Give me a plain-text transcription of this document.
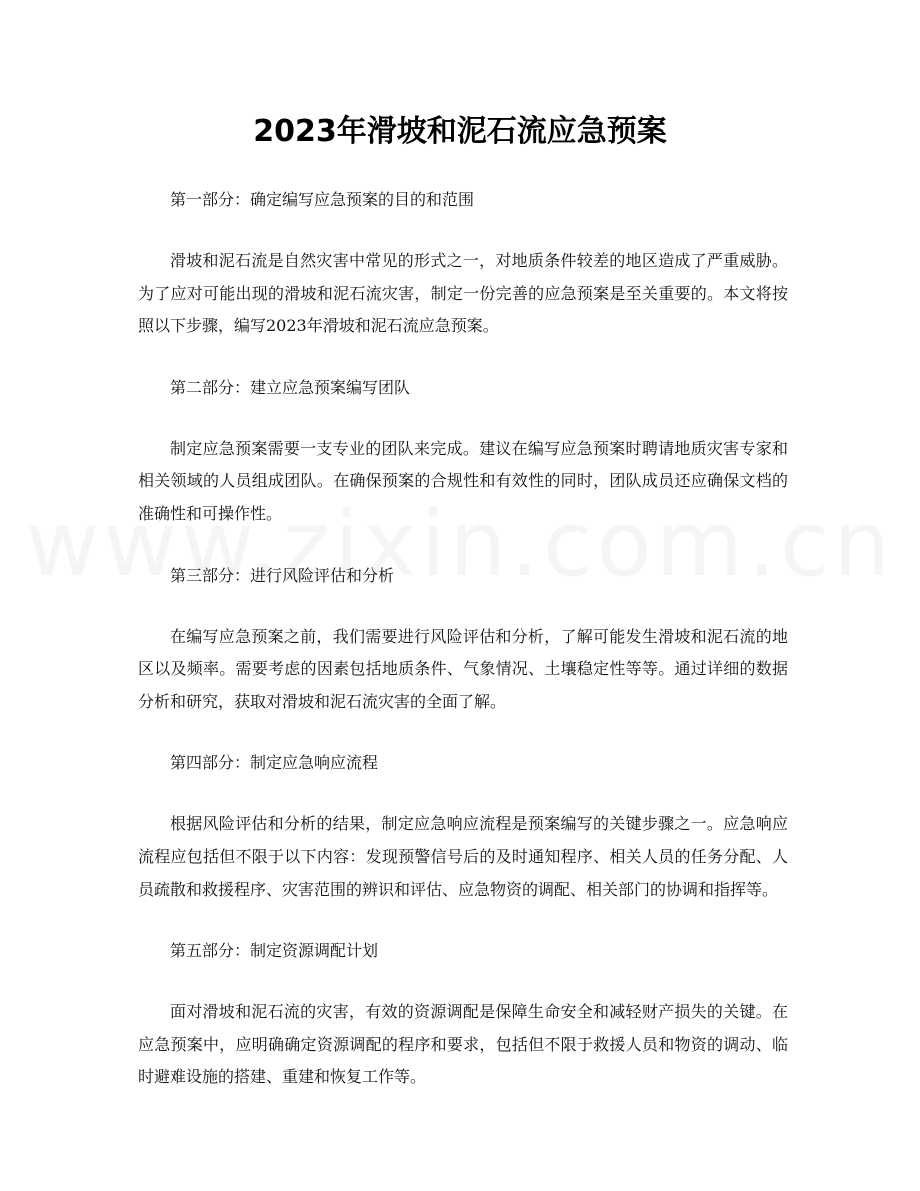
2023年滑坡和泥石流应急预案

第一部分：确定编写应急预案的目的和范围

滑坡和泥石流是自然灾害中常见的形式之一，对地质条件较差的地区造成了严重威胁。为了应对可能出现的滑坡和泥石流灾害，制定一份完善的应急预案是至关重要的。本文将按照以下步骤，编写2023年滑坡和泥石流应急预案。

第二部分：建立应急预案编写团队

制定应急预案需要一支专业的团队来完成。建议在编写应急预案时聘请地质灾害专家和相关领域的人员组成团队。在确保预案的合规性和有效性的同时，团队成员还应确保文档的准确性和可操作性。

第三部分：进行风险评估和分析

在编写应急预案之前，我们需要进行风险评估和分析，了解可能发生滑坡和泥石流的地区以及频率。需要考虑的因素包括地质条件、气象情况、土壤稳定性等等。通过详细的数据分析和研究，获取对滑坡和泥石流灾害的全面了解。

第四部分：制定应急响应流程

根据风险评估和分析的结果，制定应急响应流程是预案编写的关键步骤之一。应急响应流程应包括但不限于以下内容：发现预警信号后的及时通知程序、相关人员的任务分配、人员疏散和救援程序、灾害范围的辨识和评估、应急物资的调配、相关部门的协调和指挥等。

第五部分：制定资源调配计划

面对滑坡和泥石流的灾害，有效的资源调配是保障生命安全和减轻财产损失的关键。在应急预案中，应明确确定资源调配的程序和要求，包括但不限于救援人员和物资的调动、临时避难设施的搭建、重建和恢复工作等。
